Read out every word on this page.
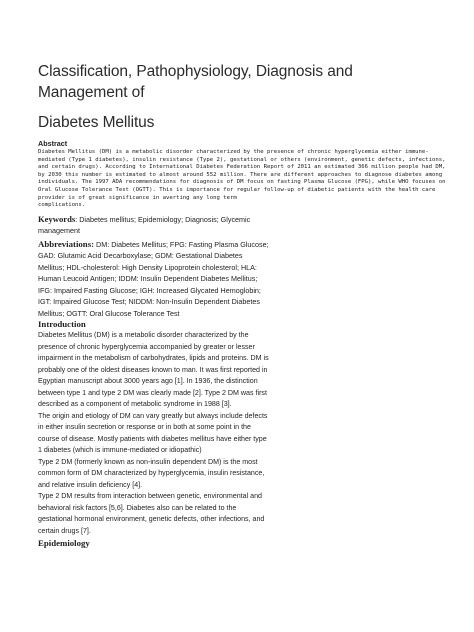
Classification, Pathophysiology, Diagnosis and Management of
Diabetes Mellitus
Abstract
Diabetes Mellitus (DM) is a metabolic disorder characterized by the presence of chronic hyperglycemia either immune-mediated (Type 1 diabetes), insulin resistance (Type 2), gestational or others (environment, genetic defects, infections, and certain drugs). According to International Diabetes Federation Report of 2011 an estimated 366 million people had DM, by 2030 this number is estimated to almost around 552 million. There are different approaches to diagnose diabetes among individuals. The 1997 ADA recommendations for diagnosis of DM focus on fasting Plasma Glucose (FPG), while WHO focuses on Oral Glucose Tolerance Test (OGTT). This is importance for regular follow-up of diabetic patients with the health care provider is of great significance in averting any long term
complications.

Keywords: Diabetes mellitus; Epidemiology; Diagnosis; Glycemic management

Abbreviations: DM: Diabetes Mellitus; FPG: Fasting Plasma Glucose; GAD: Glutamic Acid Decarboxylase; GDM: Gestational Diabetes Mellitus; HDL-cholesterol: High Density Lipoprotein cholesterol; HLA: Human Leucoid Antigen; IDDM: Insulin Dependent Diabetes Mellitus; IFG: Impaired Fasting Glucose; IGH: Increased Glycated Hemoglobin; IGT: Impaired Glucose Test; NIDDM: Non-Insulin Dependent Diabetes Mellitus; OGTT: Oral Glucose Tolerance Test

Introduction

Diabetes Mellitus (DM) is a metabolic disorder characterized by the presence of chronic hyperglycemia accompanied by greater or lesser impairment in the metabolism of carbohydrates, lipids and proteins. DM is probably one of the oldest diseases known to man. It was first reported in Egyptian manuscript about 3000 years ago [1]. In 1936, the distinction between type 1 and type 2 DM was clearly made [2]. Type 2 DM was first described as a component of metabolic syndrome in 1988 [3].

The origin and etiology of DM can vary greatly but always include defects in either insulin secretion or response or in both at some point in the course of disease. Mostly patients with diabetes mellitus have either type 1 diabetes (which is immune-mediated or idiopathic)

Type 2 DM (formerly known as non-insulin dependent DM) is the most common form of DM characterized by hyperglycemia, insulin resistance, and relative insulin deficiency [4].

Type 2 DM results from interaction between genetic, environmental and behavioral risk factors [5,6]. Diabetes also can be related to the gestational hormonal environment, genetic defects, other infections, and certain drugs [7].

Epidemiology
